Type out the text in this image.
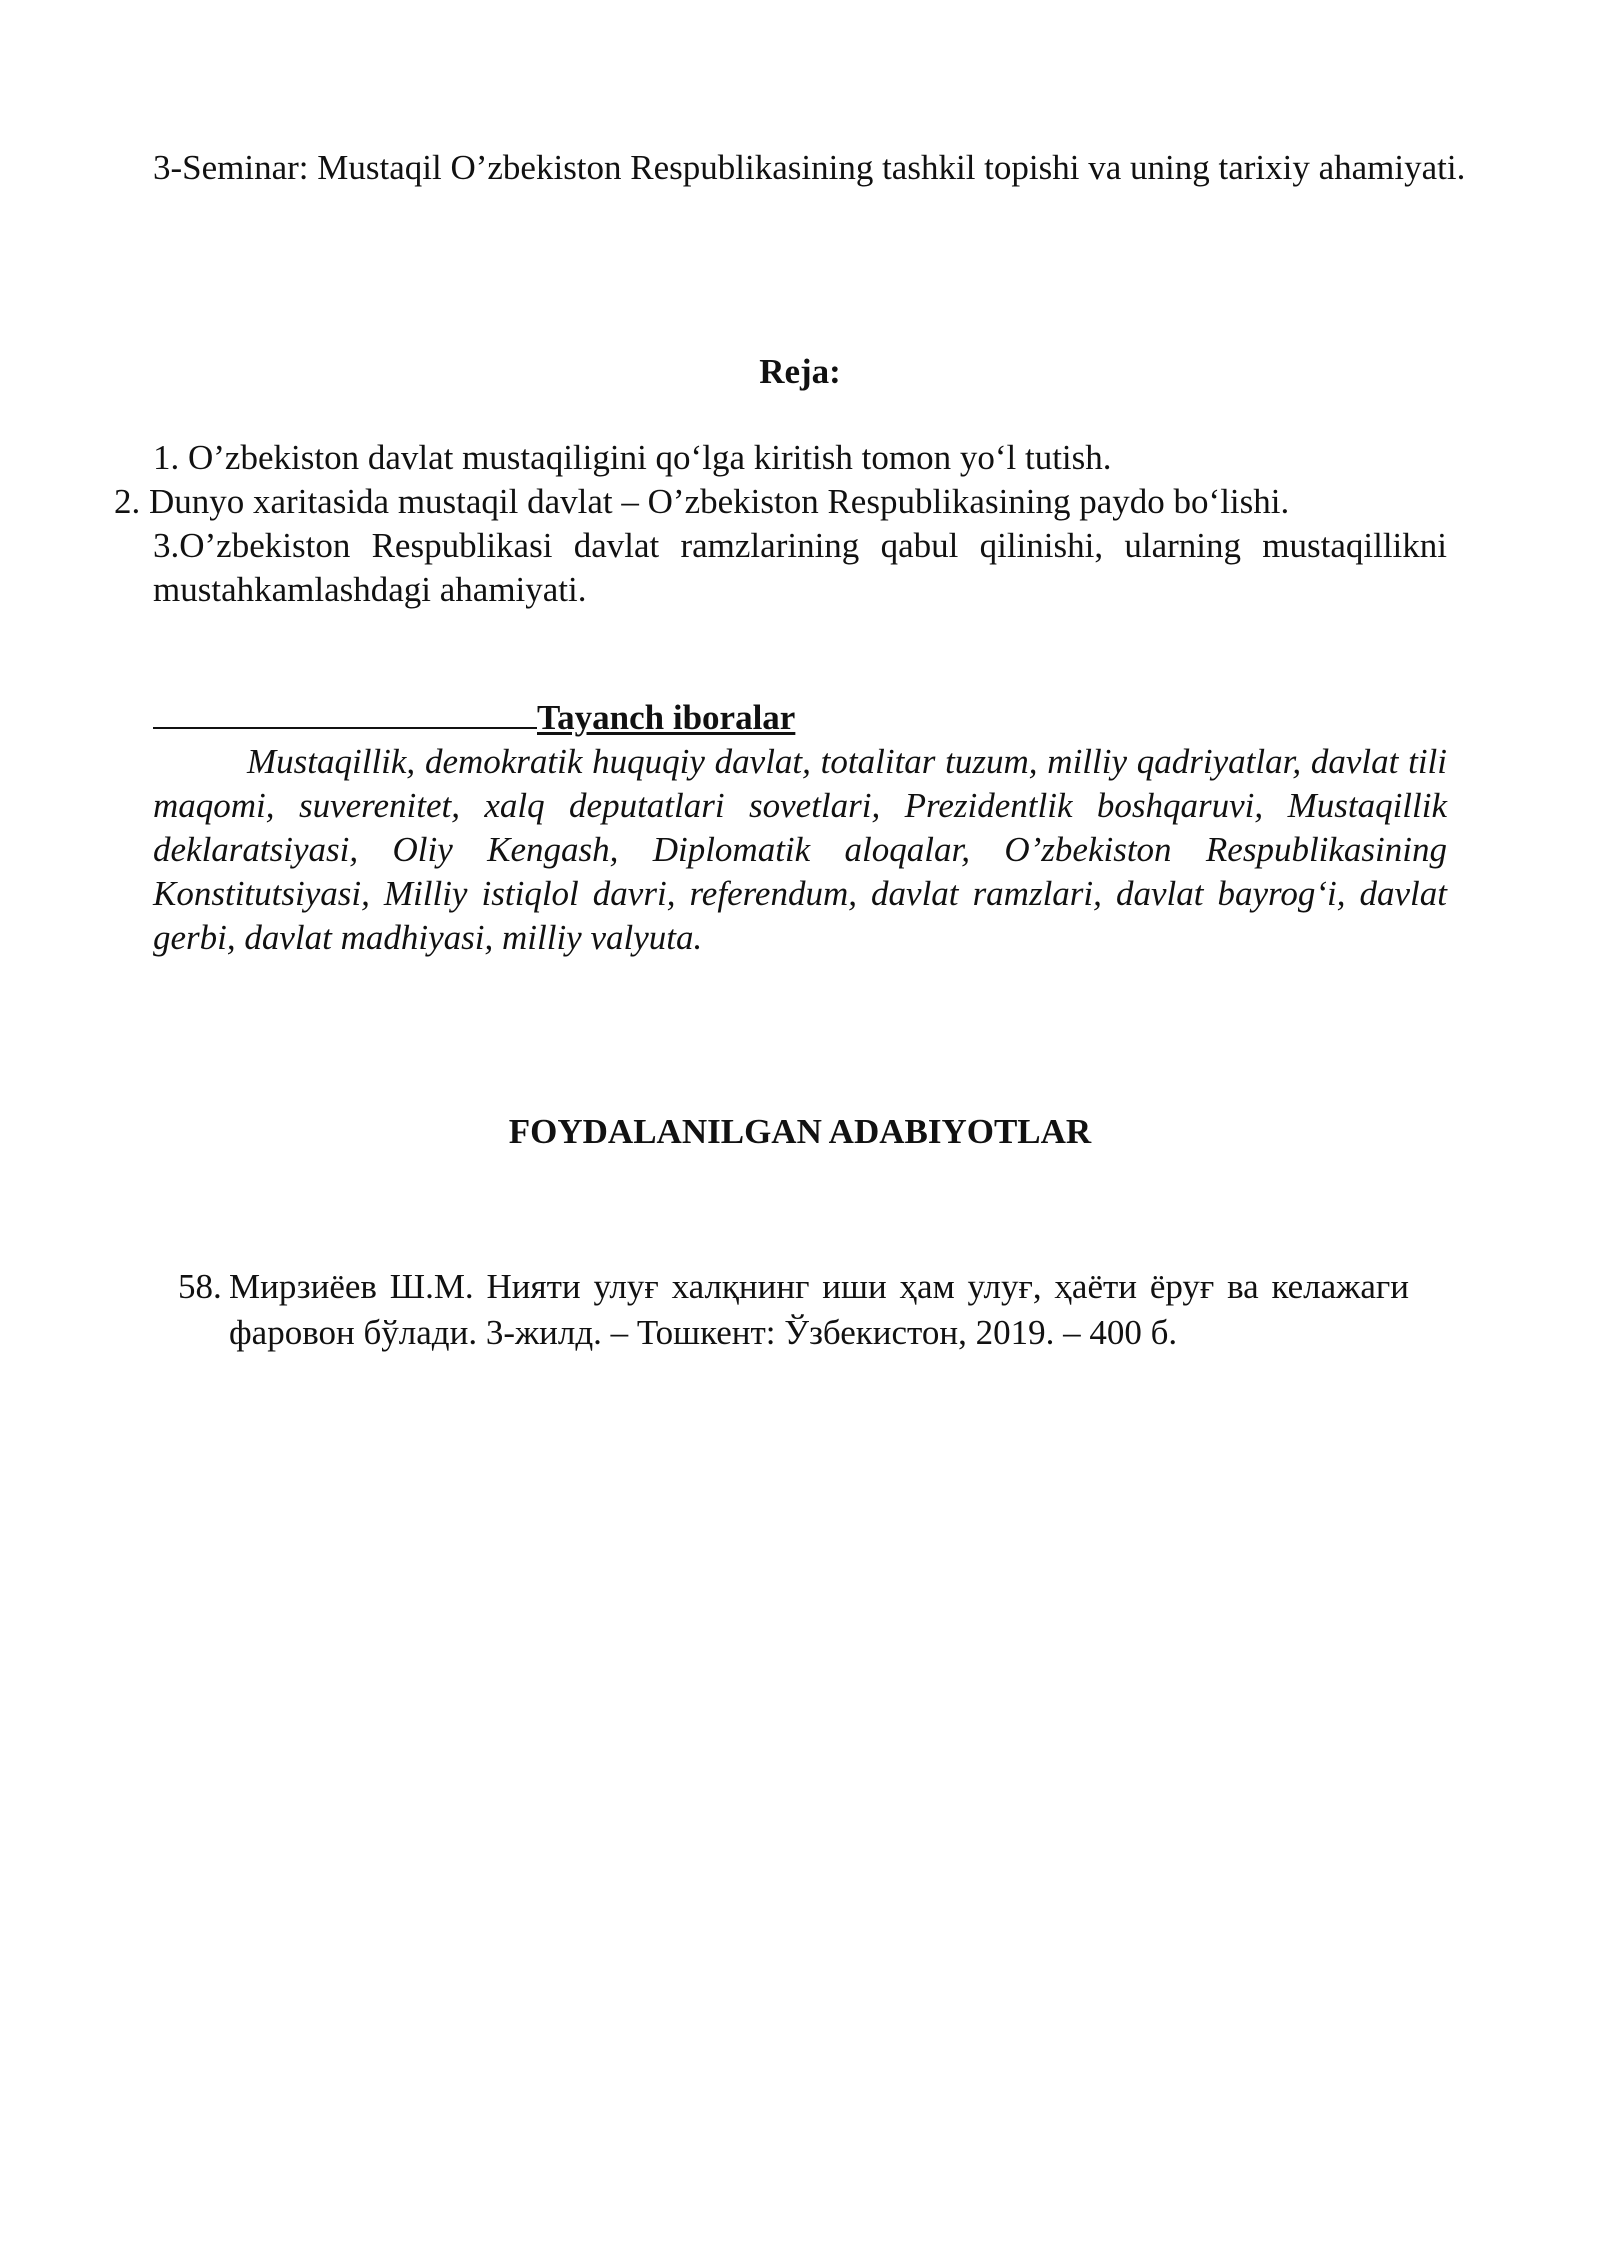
3-Seminar: Mustaqil O’zbekiston Respublikasining tashkil topishi va uning tarixiy ahamiyati.

Reja:

1. O’zbekiston davlat mustaqiligini qo‘lga kiritish tomon yo‘l tutish.

2. Dunyo xaritasida mustaqil davlat – O’zbekiston Respublikasining paydo bo‘lishi.

3.O’zbekiston Respublikasi davlat ramzlarining qabul qilinishi, ularning mustaqillikni mustahkamlashdagi ahamiyati.

Tayanch iboralar

Mustaqillik, demokratik huquqiy davlat, totalitar tuzum, milliy qadriyatlar, davlat tili maqomi, suverenitet, xalq deputatlari sovetlari, Prezidentlik boshqaruvi, Mustaqillik deklaratsiyasi, Oliy Kengash, Diplomatik aloqalar, O’zbekiston Respublikasining Konstitutsiyasi, Milliy istiqlol davri, referendum, davlat ramzlari, davlat bayrog‘i, davlat gerbi, davlat madhiyasi, milliy valyuta.

FOYDALANILGAN ADABIYOTLAR

58. Мирзиёев Ш.М. Нияти улуғ халқнинг иши ҳам улуғ, ҳаёти ёруғ ва келажаги фаровон бўлади. 3-жилд. – Тошкент: Ўзбекистон, 2019. – 400 б.
